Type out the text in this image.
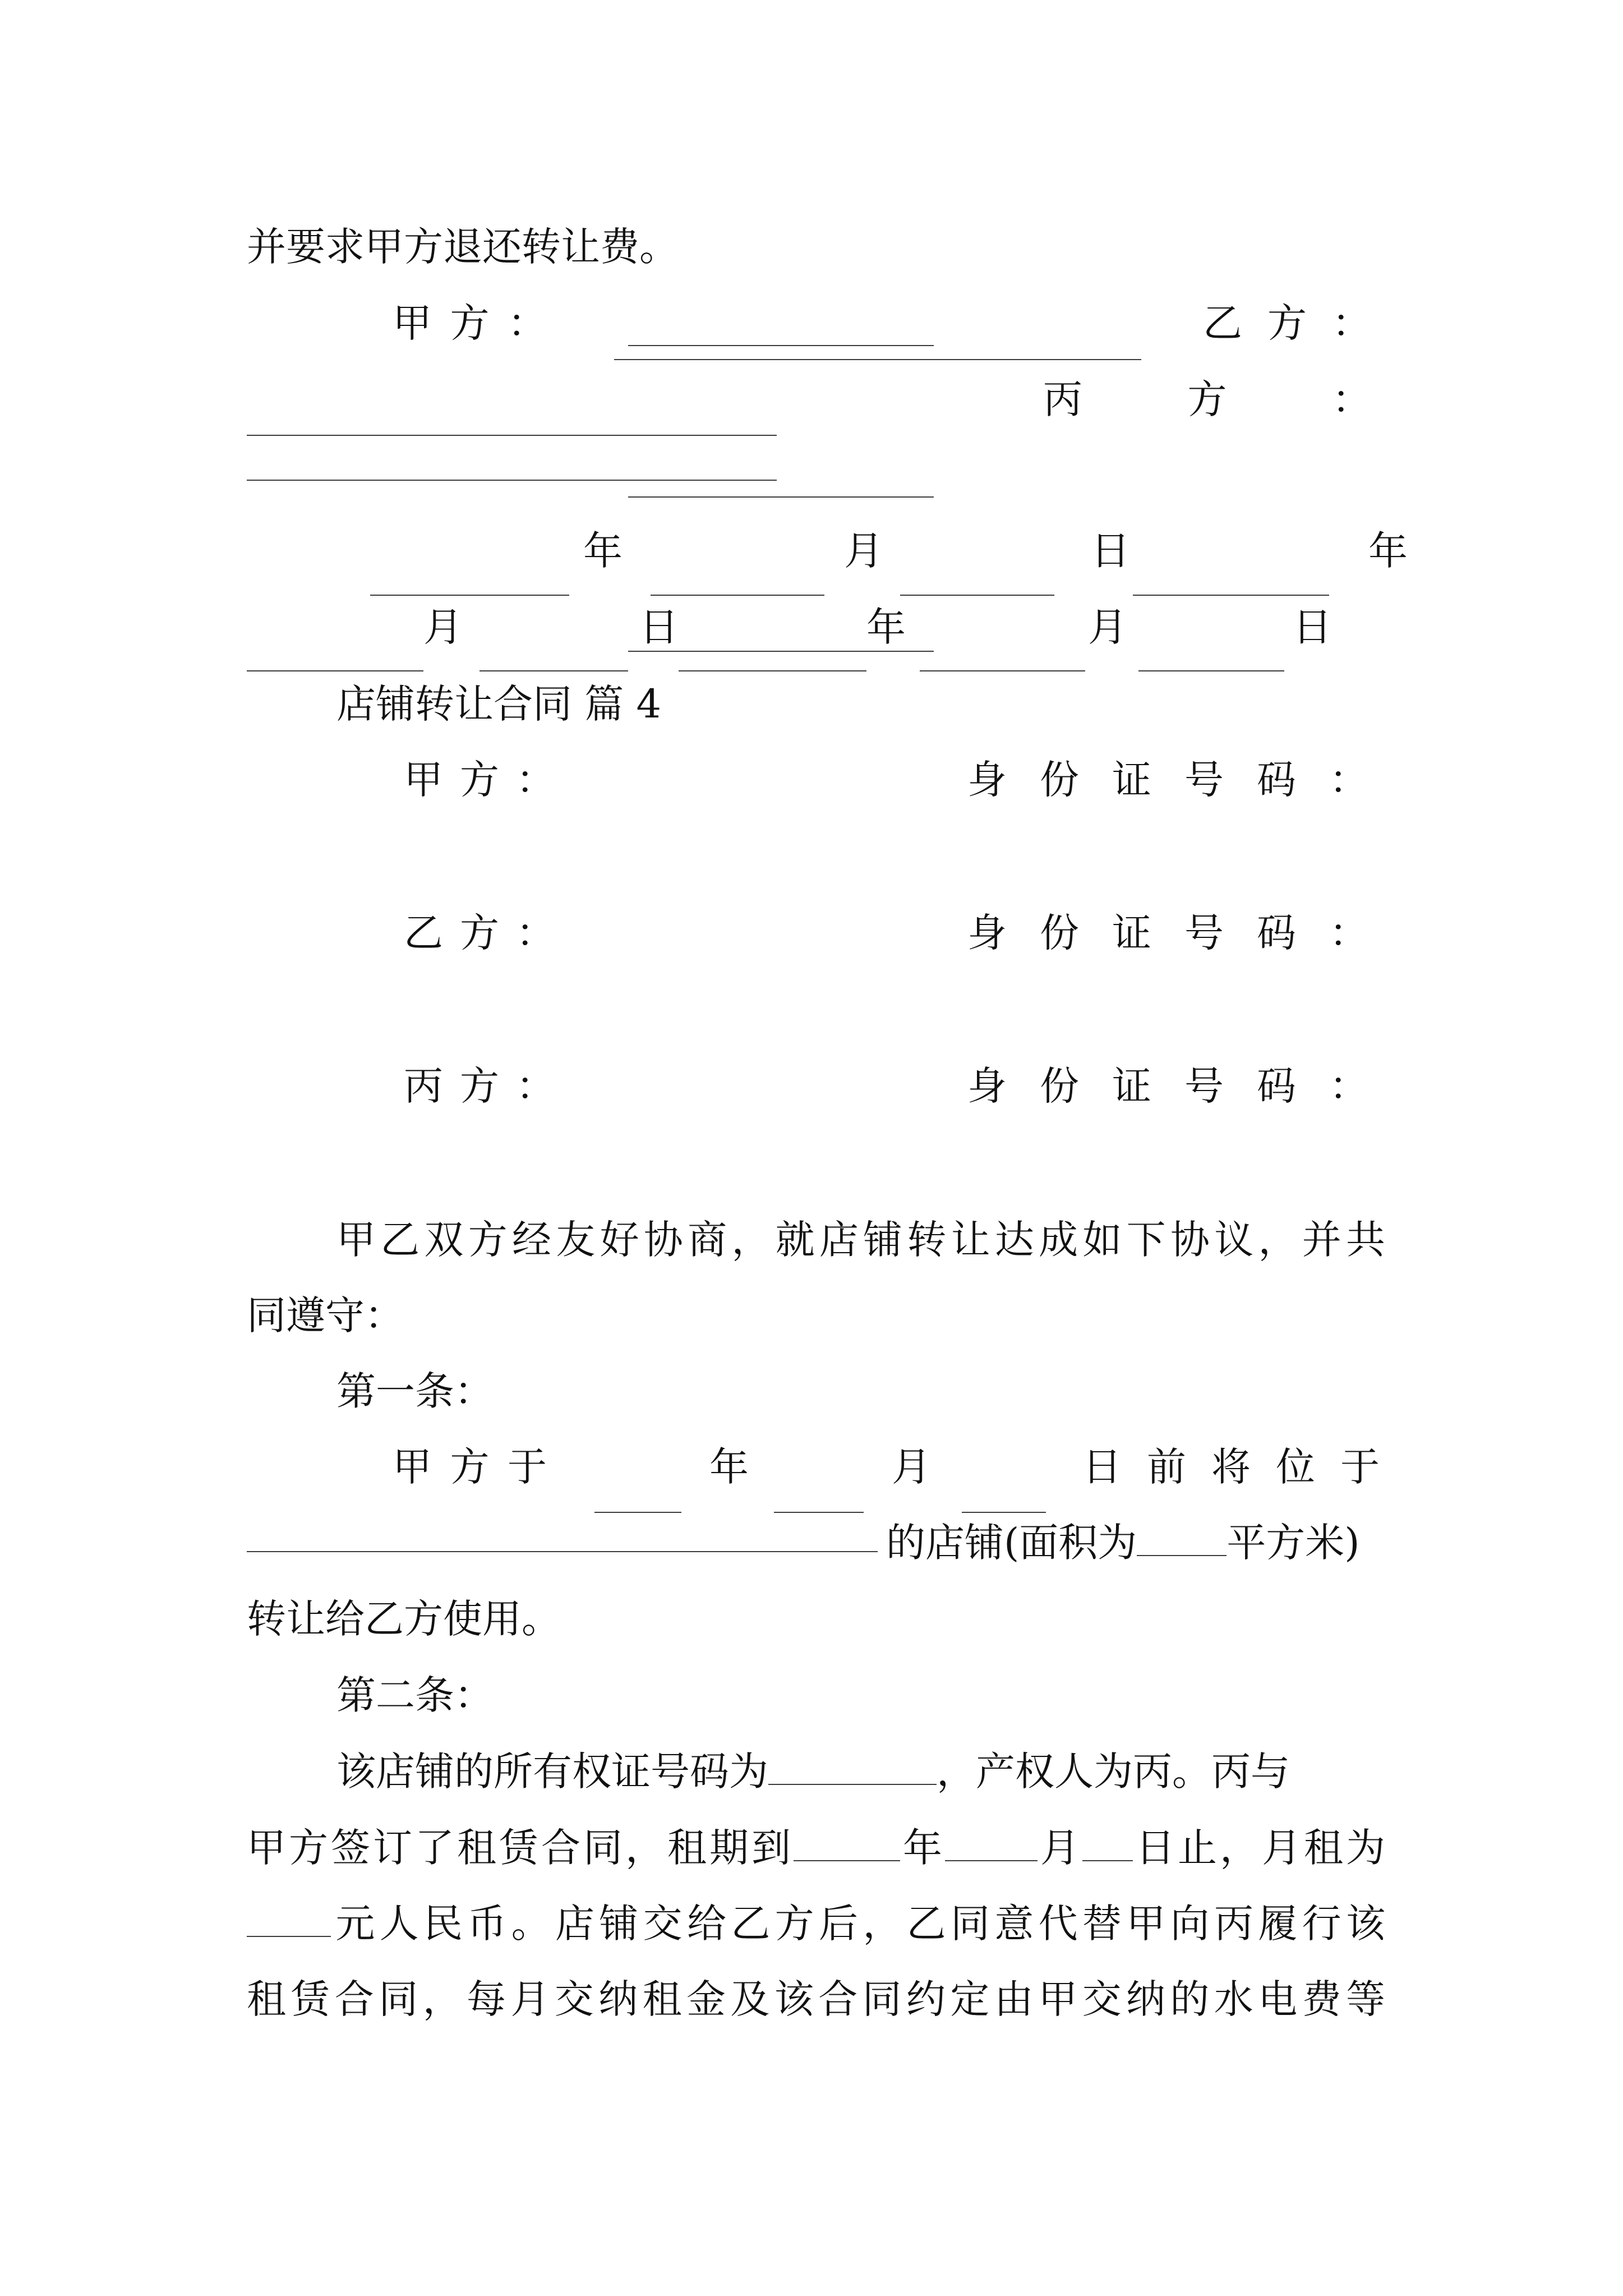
并要求甲方退还转让费。
甲方：	乙方：
丙方：
年	月	日	年
月	日	年	月	日
店铺转让合同 篇 4
甲方：	身份证号码：
乙方：	身份证号码：
丙方：	身份证号码：
甲乙双方经友好协商，就店铺转让达成如下协议，并共
同遵守：
第一条：
甲方于	日前将位于
年	月
的店铺(面积为 平方米)
转让给乙方使用。
第二条：
该店铺的所有权证号码为	，产权人为丙。丙与
甲方签订了租赁合同，租期到	年 月 日止，月租为
元人民币。店铺交给乙方后，乙同意代替甲向丙履行该
租赁合同，每月交纳租金及该合同约定由甲交纳的水电费等
